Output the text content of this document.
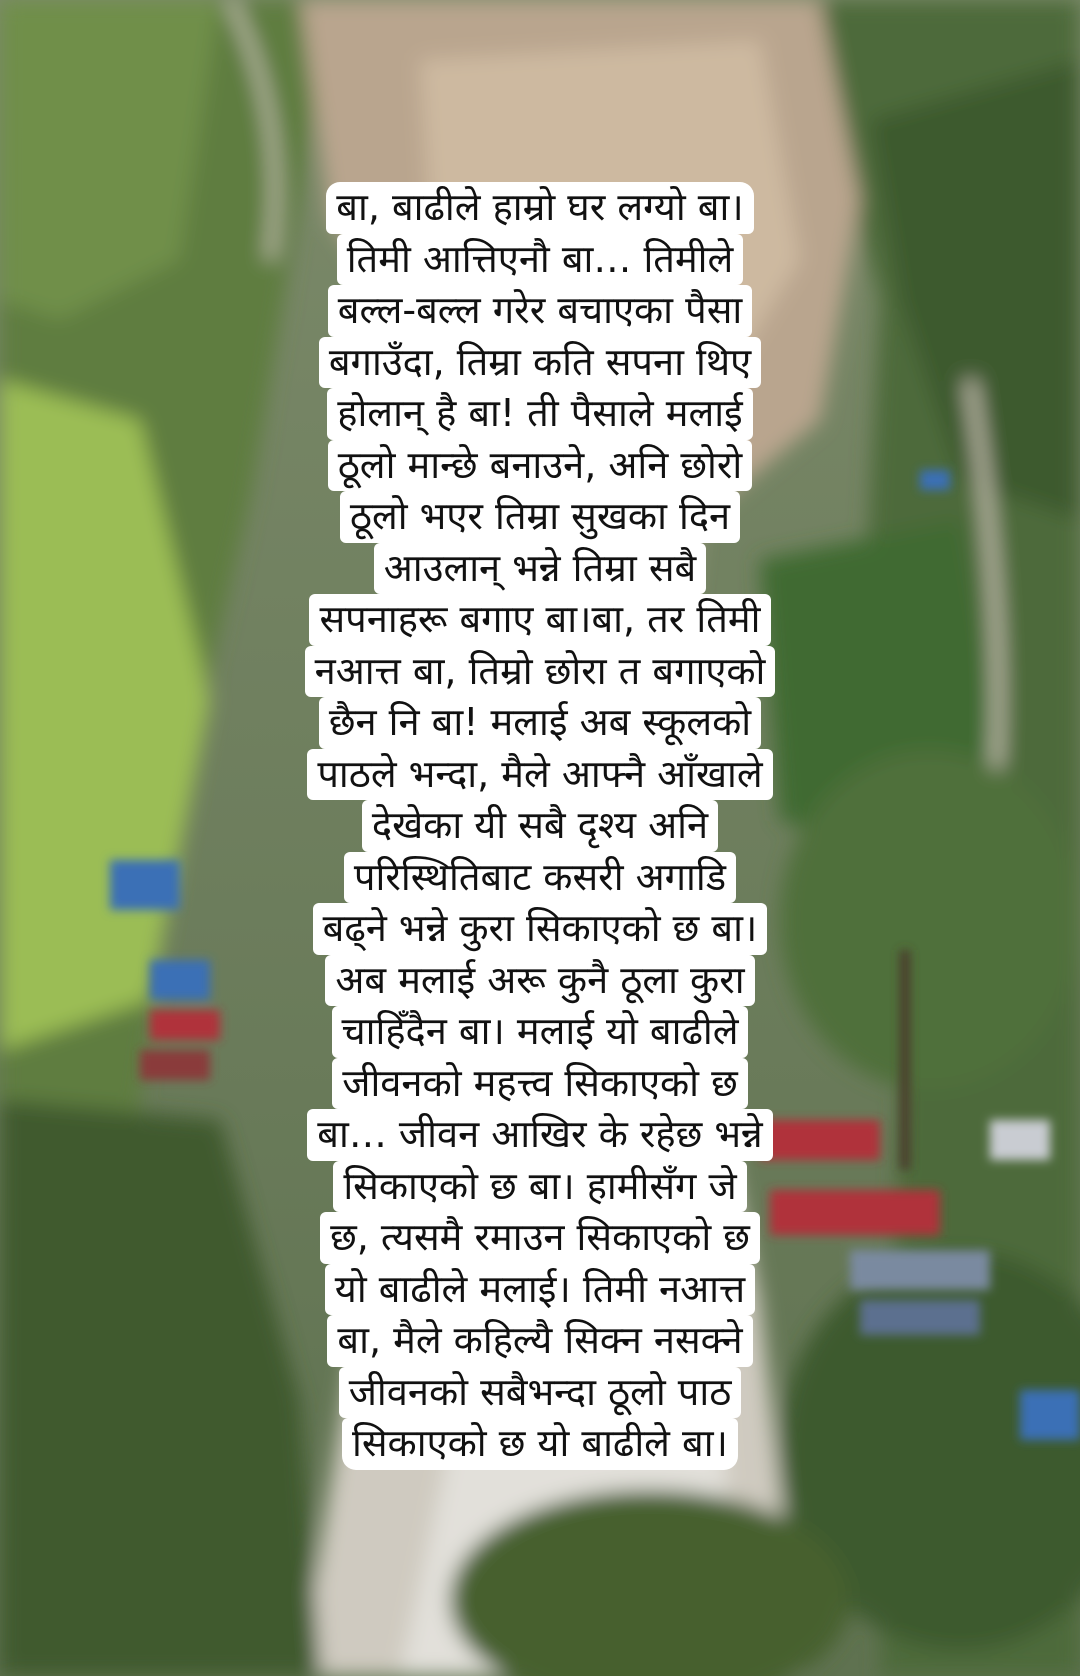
बा, बाढीले हाम्रो घर लग्यो बा।
तिमी आत्तिएनौ बा… तिमीले
बल्ल-बल्ल गरेर बचाएका पैसा
बगाउँदा, तिम्रा कति सपना थिए
होलान् है बा! ती पैसाले मलाई
ठूलो मान्छे बनाउने, अनि छोरो
ठूलो भएर तिम्रा सुखका दिन
आउलान् भन्ने तिम्रा सबै
सपनाहरू बगाए बा।बा, तर तिमी
नआत्त बा, तिम्रो छोरा त बगाएको
छैन नि बा! मलाई अब स्कूलको
पाठले भन्दा, मैले आफ्नै आँखाले
देखेका यी सबै दृश्य अनि
परिस्थितिबाट कसरी अगाडि
बढ्ने भन्ने कुरा सिकाएको छ बा।
अब मलाई अरू कुनै ठूला कुरा
चाहिँदैन बा। मलाई यो बाढीले
जीवनको महत्त्व सिकाएको छ
बा… जीवन आखिर के रहेछ भन्ने
सिकाएको छ बा। हामीसँग जे
छ, त्यसमै रमाउन सिकाएको छ
यो बाढीले मलाई। तिमी नआत्त
बा, मैले कहिल्यै सिक्न नसक्ने
जीवनको सबैभन्दा ठूलो पाठ
सिकाएको छ यो बाढीले बा।
